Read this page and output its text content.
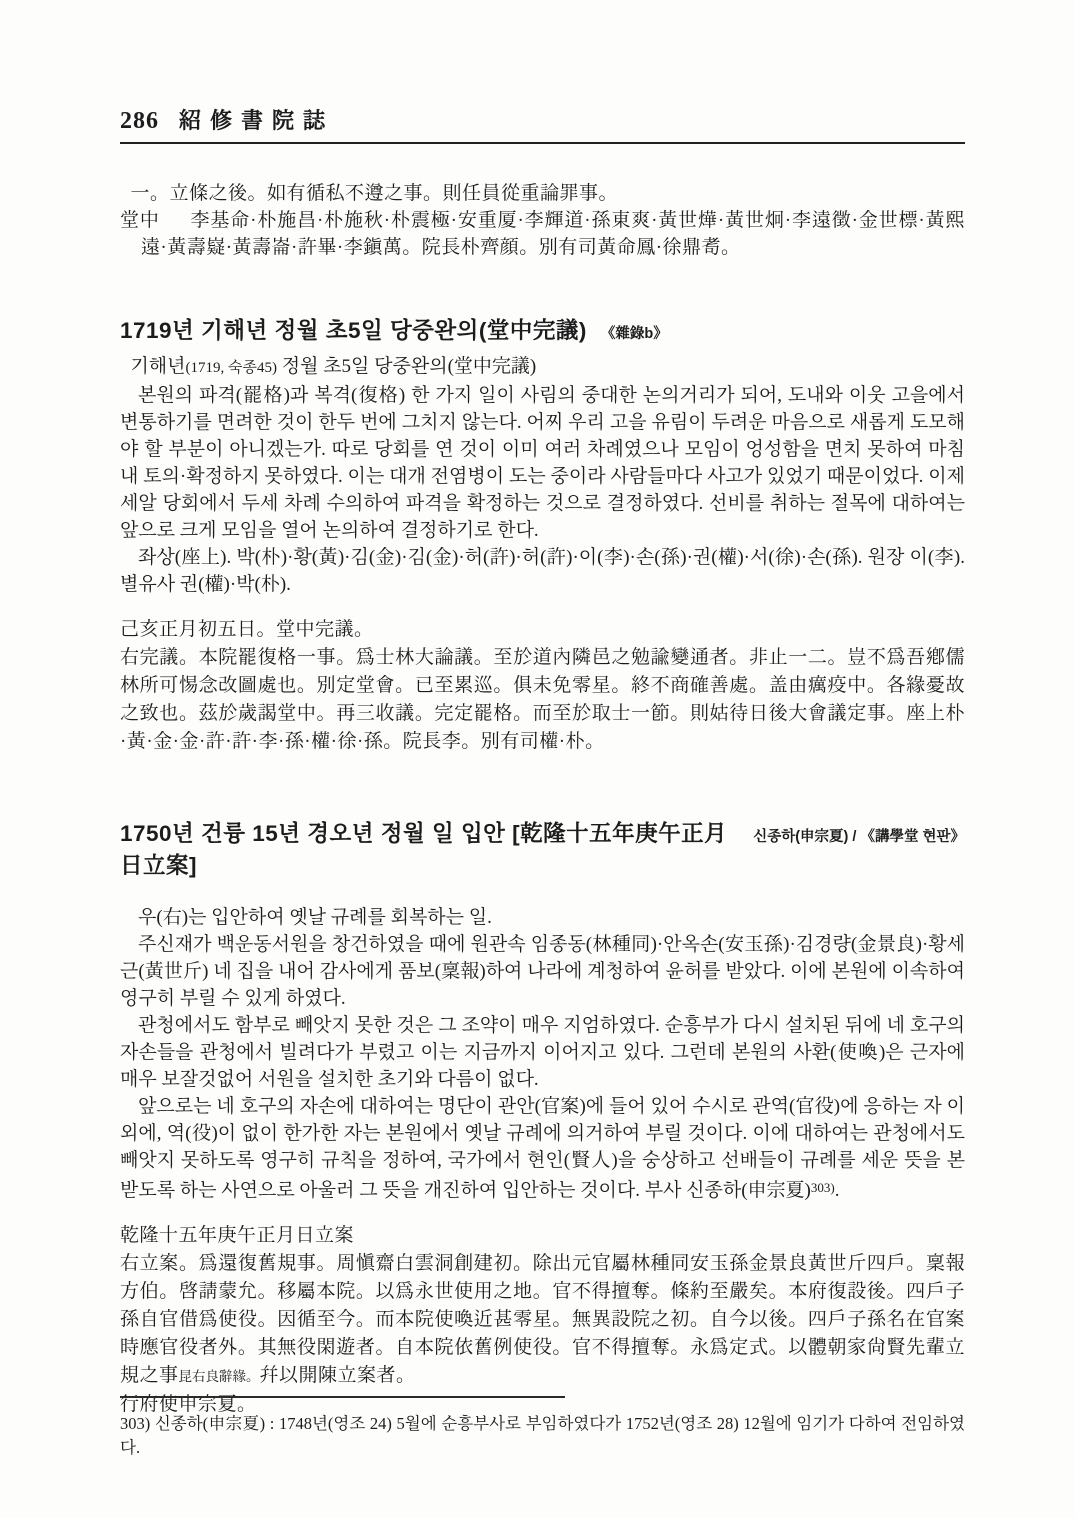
286 紹修書院誌

一。立條之後。如有循私不遵之事。則任員從重論罪事。

堂中 李基命·朴施昌·朴施秋·朴震極·安重厦·李輝道·孫東爽·黃世燁·黃世炯·李遠徵·金世標·黃熙遠·黃壽嶷·黃壽崙·許畢·李鎭萬。院長朴齊顔。別有司黃命鳳·徐鼎耉。

1719년 기해년 정월 초5일 당중완의(堂中完議) 《雜錄b》

기해년(1719, 숙종45) 정월 초5일 당중완의(堂中完議)

본원의 파격(罷格)과 복격(復格) 한 가지 일이 사림의 중대한 논의거리가 되어, 도내와 이웃 고을에서 변통하기를 면려한 것이 한두 번에 그치지 않는다. 어찌 우리 고을 유림이 두려운 마음으로 새롭게 도모해야 할 부분이 아니겠는가. 따로 당회를 연 것이 이미 여러 차례였으나 모임이 엉성함을 면치 못하여 마침내 토의·확정하지 못하였다. 이는 대개 전염병이 도는 중이라 사람들마다 사고가 있었기 때문이었다. 이제 세알 당회에서 두세 차례 수의하여 파격을 확정하는 것으로 결정하였다. 선비를 취하는 절목에 대하여는 앞으로 크게 모임을 열어 논의하여 결정하기로 한다.

좌상(座上). 박(朴)·황(黃)·김(金)·김(金)·허(許)·허(許)·이(李)·손(孫)·권(權)·서(徐)·손(孫). 원장 이(李). 별유사 권(權)·박(朴).

己亥正月初五日。堂中完議。

右完議。本院罷復格一事。爲士林大論議。至於道內隣邑之勉諭變通者。非止一二。豈不爲吾鄕儒林所可惕念改圖處也。別定堂會。已至累巡。俱未免零星。終不商確善處。盖由癘疫中。各緣憂故之致也。茲於歲謁堂中。再三收議。完定罷格。而至於取士一節。則姑待日後大會議定事。座上朴·黃·金·金·許·許·李·孫·權·徐·孫。院長李。別有司權·朴。

1750년 건륭 15년 경오년 정월 일 입안 [乾隆十五年庚午正月日立案]
신종하(申宗夏) / 《講學堂 현판》

우(右)는 입안하여 옛날 규례를 회복하는 일.

주신재가 백운동서원을 창건하였을 때에 원관속 임종동(林種同)·안옥손(安玉孫)·김경량(金景良)·황세근(黃世斤) 네 집을 내어 감사에게 품보(稟報)하여 나라에 계청하여 윤허를 받았다. 이에 본원에 이속하여 영구히 부릴 수 있게 하였다.

관청에서도 함부로 빼앗지 못한 것은 그 조약이 매우 지엄하였다. 순흥부가 다시 설치된 뒤에 네 호구의 자손들을 관청에서 빌려다가 부렸고 이는 지금까지 이어지고 있다. 그런데 본원의 사환(使喚)은 근자에 매우 보잘것없어 서원을 설치한 초기와 다름이 없다.

앞으로는 네 호구의 자손에 대하여는 명단이 관안(官案)에 들어 있어 수시로 관역(官役)에 응하는 자 이외에, 역(役)이 없이 한가한 자는 본원에서 옛날 규례에 의거하여 부릴 것이다. 이에 대하여는 관청에서도 빼앗지 못하도록 영구히 규칙을 정하여, 국가에서 현인(賢人)을 숭상하고 선배들이 규례를 세운 뜻을 본받도록 하는 사연으로 아울러 그 뜻을 개진하여 입안하는 것이다. 부사 신종하(申宗夏)$^{303)}$.

乾隆十五年庚午正月日立案

右立案。爲還復舊規事。周愼齋白雲洞創建初。除出元官屬林種同安玉孫金景良黃世斤四戶。稟報方伯。啓請蒙允。移屬本院。以爲永世使用之地。官不得擅奪。條約至嚴矣。本府復設後。四戶子孫自官借爲使役。因循至今。而本院使喚近甚零星。無異設院之初。自今以後。四戶子孫名在官案時應官役者外。其無役閑遊者。自本院依舊例使役。官不得擅奪。永爲定式。以體朝家尙賢先輩立規之事昆右良辭緣。幷以開陳立案者。

行府使申宗夏。

303) 신종하(申宗夏) : 1748년(영조 24) 5월에 순흥부사로 부임하였다가 1752년(영조 28) 12월에 임기가 다하여 전임하였다.
